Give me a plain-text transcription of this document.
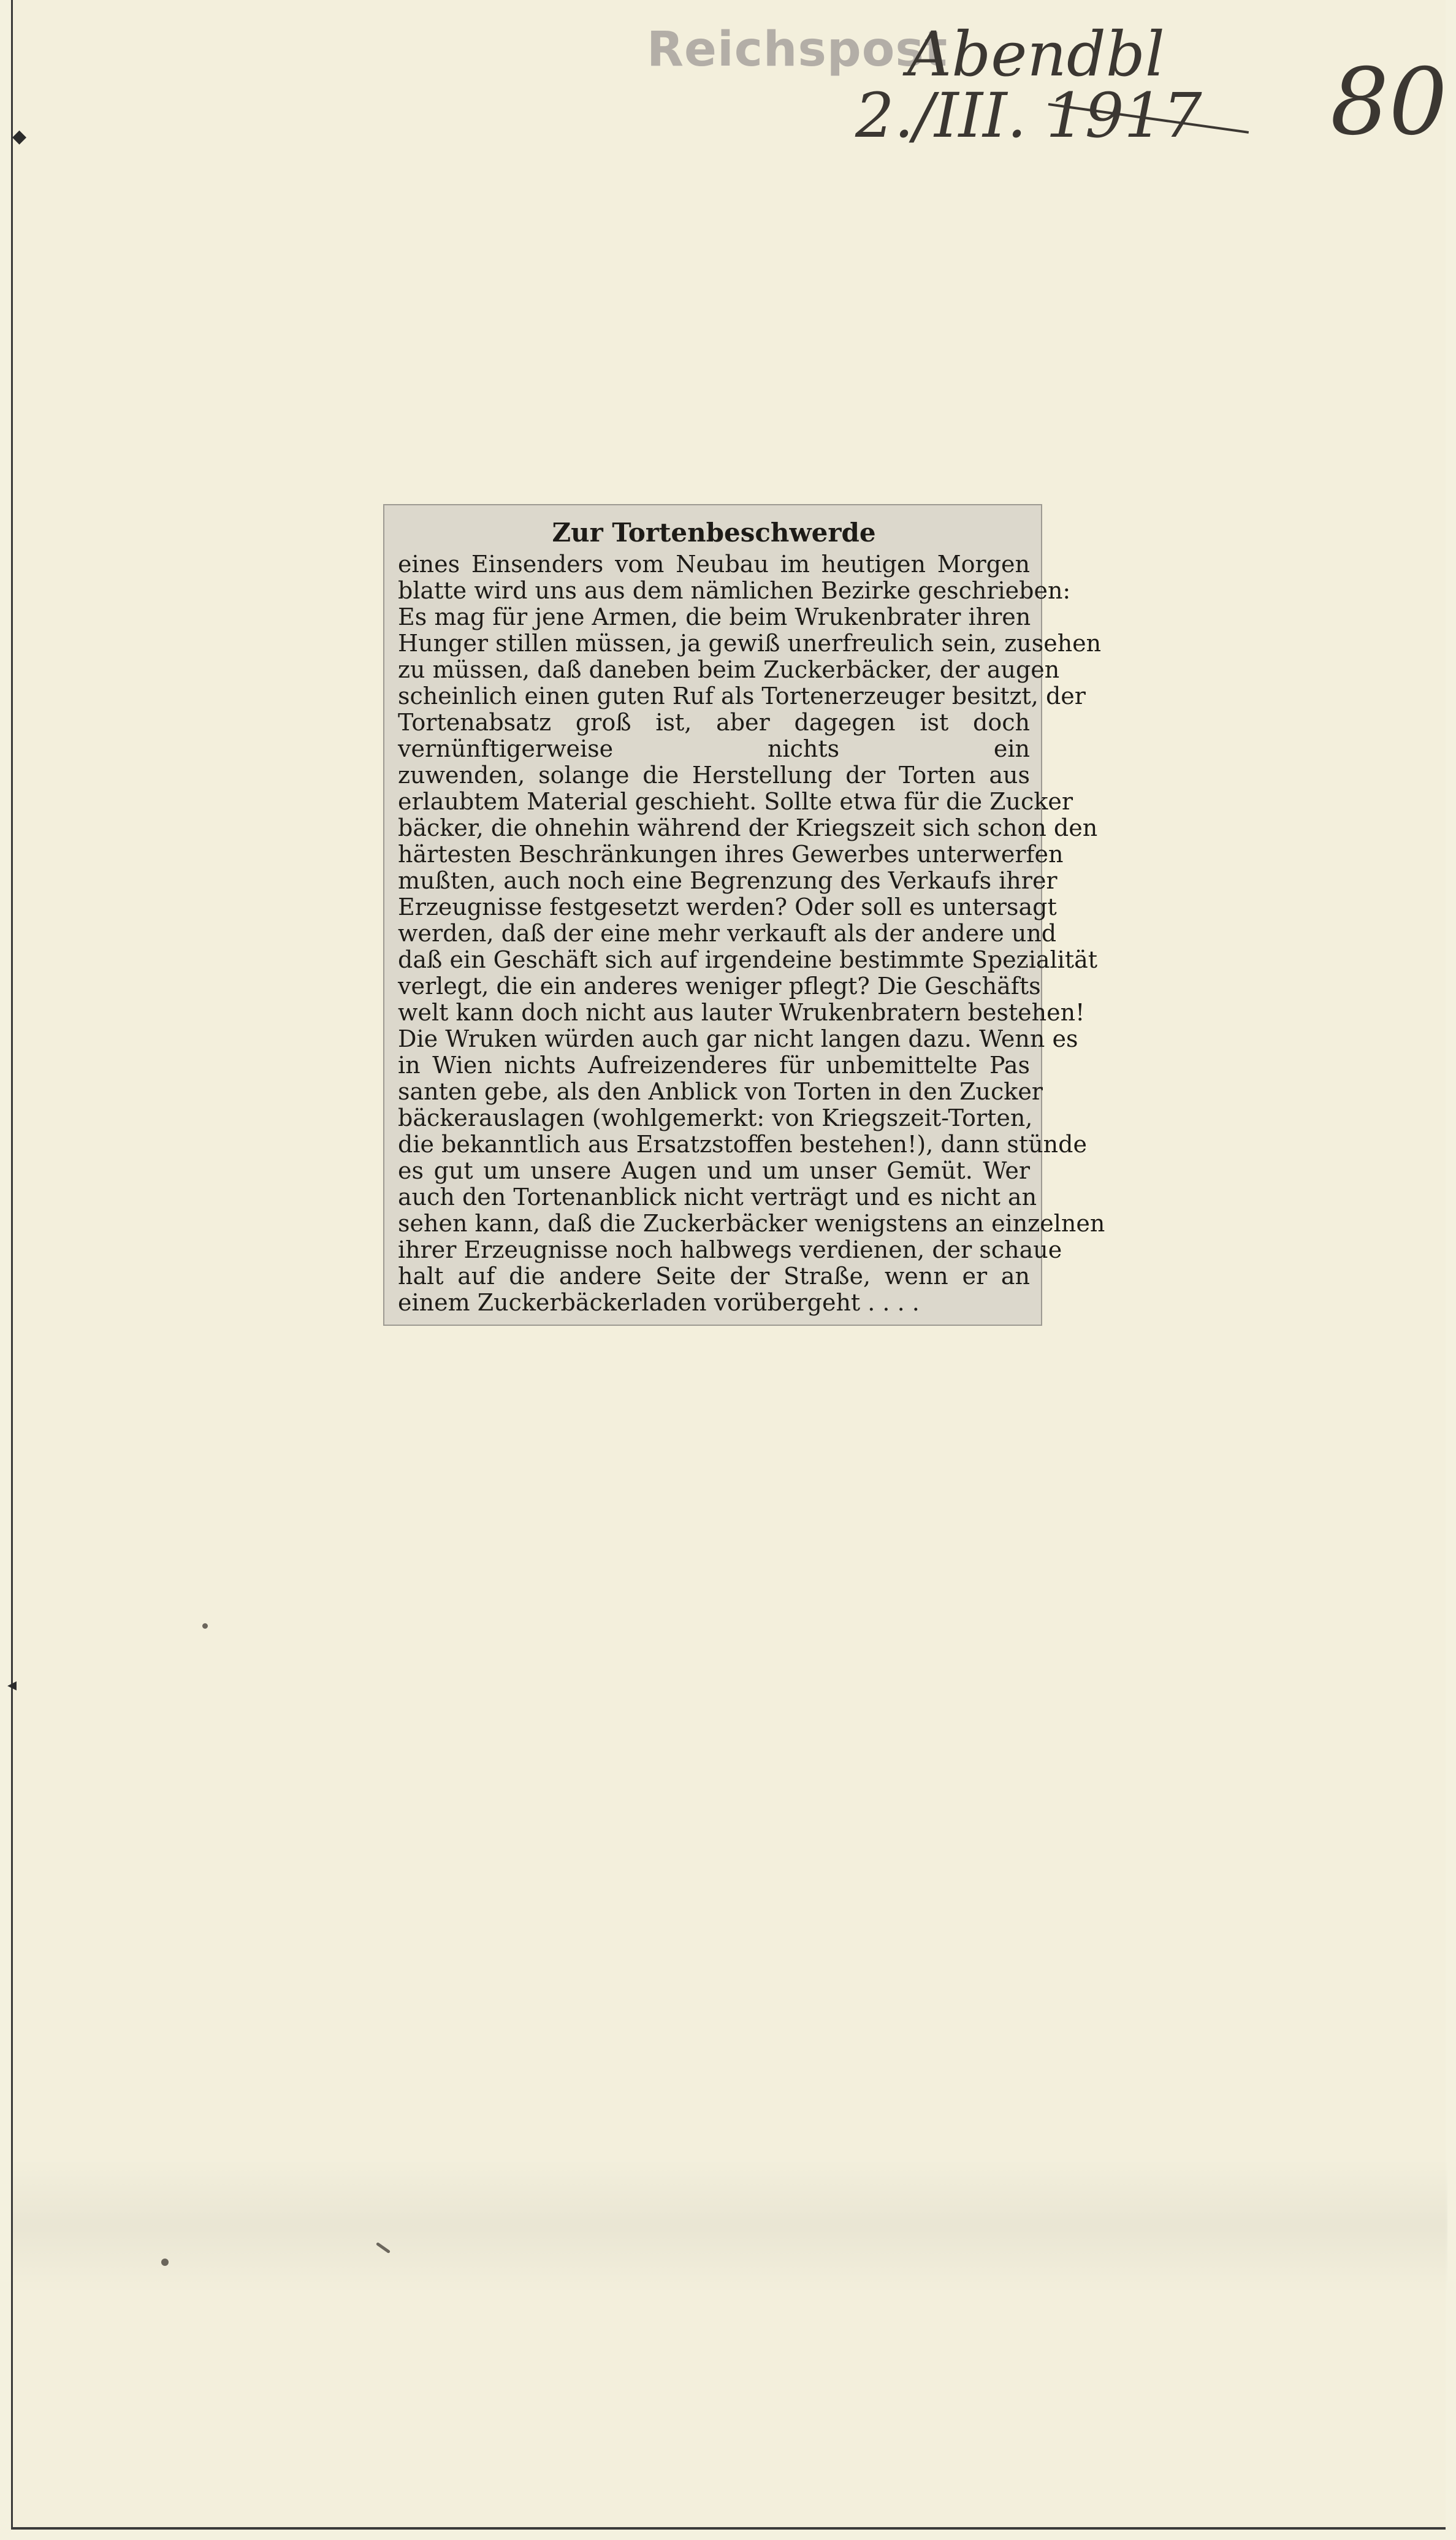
Reichspost
Abendbl
2./III. 1917 80
◆
◂
Zur Tortenbeschwerde
eines Einsenders vom Neubau im heutigen Morgen
blatte wird uns aus dem nämlichen Bezirke geschrieben:
Es mag für jene Armen, die beim Wrukenbrater ihren
Hunger stillen müssen, ja gewiß unerfreulich sein, zusehen
zu müssen, daß daneben beim Zuckerbäcker, der augen
scheinlich einen guten Ruf als Tortenerzeuger besitzt, der
Tortenabsatz groß ist, aber dagegen ist doch
vernünftigerweise nichts ein
zuwenden, solange die Herstellung der Torten aus
erlaubtem Material geschieht. Sollte etwa für die Zucker
bäcker, die ohnehin während der Kriegszeit sich schon den
härtesten Beschränkungen ihres Gewerbes unterwerfen
mußten, auch noch eine Begrenzung des Verkaufs ihrer
Erzeugnisse festgesetzt werden? Oder soll es untersagt
werden, daß der eine mehr verkauft als der andere und
daß ein Geschäft sich auf irgendeine bestimmte Spezialität
verlegt, die ein anderes weniger pflegt? Die Geschäfts
welt kann doch nicht aus lauter Wrukenbratern bestehen!
Die Wruken würden auch gar nicht langen dazu. Wenn es
in Wien nichts Aufreizenderes für unbemittelte Pas
santen gebe, als den Anblick von Torten in den Zucker
bäckerauslagen (wohlgemerkt: von Kriegszeit-Torten,
die bekanntlich aus Ersatzstoffen bestehen!), dann stünde
es gut um unsere Augen und um unser Gemüt. Wer
auch den Tortenanblick nicht verträgt und es nicht an
sehen kann, daß die Zuckerbäcker wenigstens an einzelnen
ihrer Erzeugnisse noch halbwegs verdienen, der schaue
halt auf die andere Seite der Straße, wenn er an
einem Zuckerbäckerladen vorübergeht . . . .
